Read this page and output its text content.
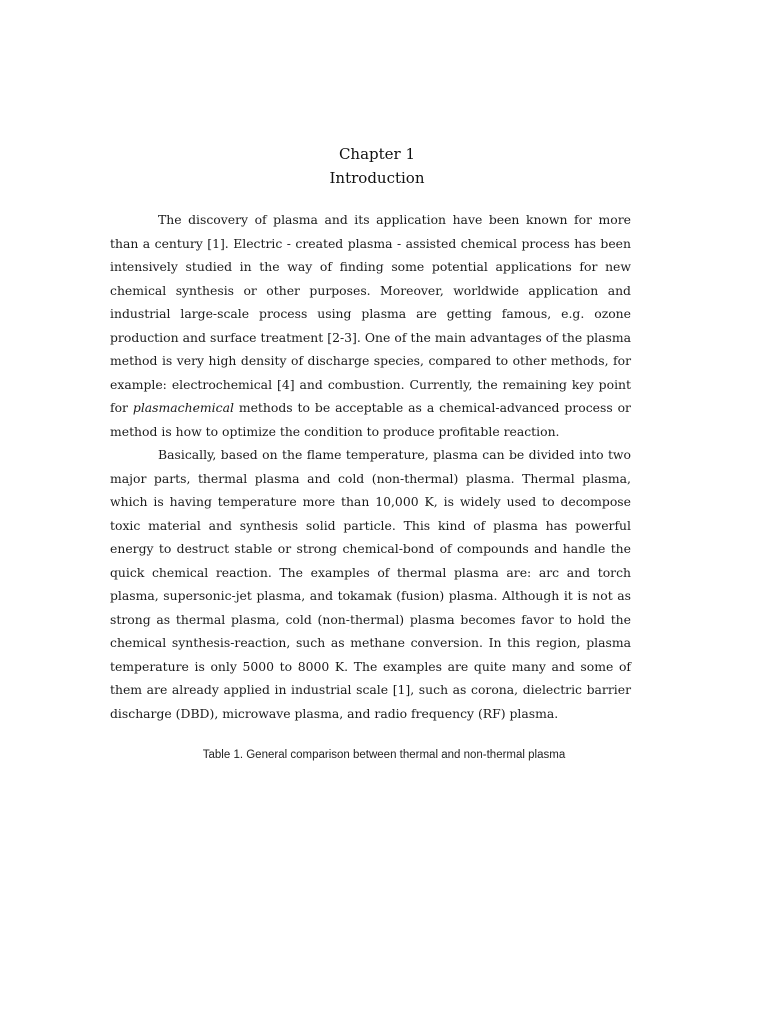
Chapter 1
Introduction

The discovery of plasma and its application have been known for more than a century [1]. Electric - created plasma - assisted chemical process has been intensively studied in the way of finding some potential applications for new chemical synthesis or other purposes. Moreover, worldwide application and industrial large-scale process using plasma are getting famous, e.g. ozone production and surface treatment [2-3]. One of the main advantages of the plasma method is very high density of discharge species, compared to other methods, for example: electrochemical [4] and combustion. Currently, the remaining key point for plasmachemical methods to be acceptable as a chemical-advanced process or method is how to optimize the condition to produce profitable reaction.

Basically, based on the flame temperature, plasma can be divided into two major parts, thermal plasma and cold (non-thermal) plasma. Thermal plasma, which is having temperature more than 10,000 K, is widely used to decompose toxic material and synthesis solid particle. This kind of plasma has powerful energy to destruct stable or strong chemical-bond of compounds and handle the quick chemical reaction. The examples of thermal plasma are: arc and torch plasma, supersonic-jet plasma, and tokamak (fusion) plasma. Although it is not as strong as thermal plasma, cold (non-thermal) plasma becomes favor to hold the chemical synthesis-reaction, such as methane conversion. In this region, plasma temperature is only 5000 to 8000 K. The examples are quite many and some of them are already applied in industrial scale [1], such as corona, dielectric barrier discharge (DBD), microwave plasma, and radio frequency (RF) plasma.

Table 1. General comparison between thermal and non-thermal plasma
